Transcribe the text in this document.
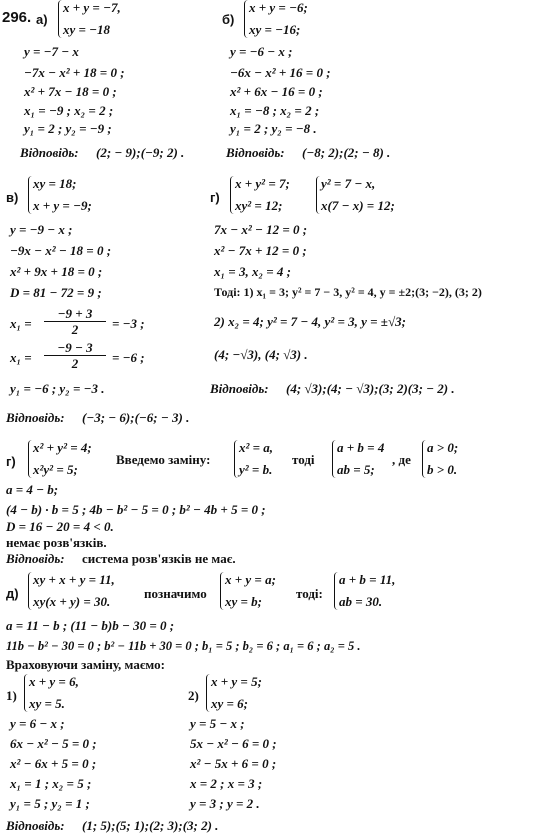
296. а)
x + y = −7,
xy = −18
y = −7 − x
−7x − x² + 18 = 0 ;
x² + 7x − 18 = 0 ;
x₁ = −9 ; x₂ = 2 ;
y₁ = 2 ; y₂ = −9 ;
Відповідь: (2; − 9);(−9; 2) .
б)
x + y = −6;
xy = −16;
y = −6 − x ;
−6x − x² + 16 = 0 ;
x² + 6x − 16 = 0 ;
x₁ = −8 ; x₂ = 2 ;
y₁ = 2 ; y₂ = −8 .
Відповідь: (−8; 2);(2; − 8) .
в)
xy = 18;
x + y = −9;
y = −9 − x ;
−9x − x² − 18 = 0 ;
x² + 9x + 18 = 0 ;
D = 81 − 72 = 9 ;
$x_1 = \frac{-9 + 3}{2} = -3$ ;
$x_1 = \frac{-9 - 3}{2} = -6$ ;
y₁ = −6 ; y₂ = −3 .
Відповідь: (−3; − 6);(−6; − 3) .
г)
x + y² = 7;
xy² = 12;
y² = 7 − x,
x(7 − x) = 12;
7x − x² − 12 = 0 ;
x² − 7x + 12 = 0 ;
x₁ = 3, x₂ = 4 ;
Тоді: 1) x₁ = 3; y² = 7 − 3, y² = 4, y = ±2;(3; −2), (3; 2)
2) x₂ = 4; y² = 7 − 4, y² = 3, y = ±√3;
(4; −√3), (4; √3) .
Відповідь: (4; √3);(4; − √3);(3; 2)(3; − 2) .
г)
x² + y² = 4;
x²y² = 5;
Введемо заміну:
x² = a,
y² = b.
тоді
a + b = 4
ab = 5;
, де
a > 0;
b > 0.
a = 4 − b;
(4 − b) · b = 5 ; 4b − b² − 5 = 0 ; b² − 4b + 5 = 0 ;
D = 16 − 20 = 4 < 0.
немає розв'язків.
Відповідь: система розв'язків не має.
д)
xy + x + y = 11,
xy(x + y) = 30.
позначимо
x + y = a;
xy = b;
тоді:
a + b = 11,
ab = 30.
a = 11 − b ; (11 − b)b − 30 = 0 ;
11b − b² − 30 = 0 ; b² − 11b + 30 = 0 ; b₁ = 5 ; b₂ = 6 ; a₁ = 6 ; a₂ = 5 .
Враховуючи заміну, маємо:
1)
x + y = 6,
xy = 5.
y = 6 − x ;
6x − x² − 5 = 0 ;
x² − 6x + 5 = 0 ;
x₁ = 1 ; x₂ = 5 ;
y₁ = 5 ; y₂ = 1 ;
2)
x + y = 5;
xy = 6;
y = 5 − x ;
5x − x² − 6 = 0 ;
x² − 5x + 6 = 0 ;
x = 2 ; x = 3 ;
y = 3 ; y = 2 .
Відповідь: (1; 5);(5; 1);(2; 3);(3; 2) .
